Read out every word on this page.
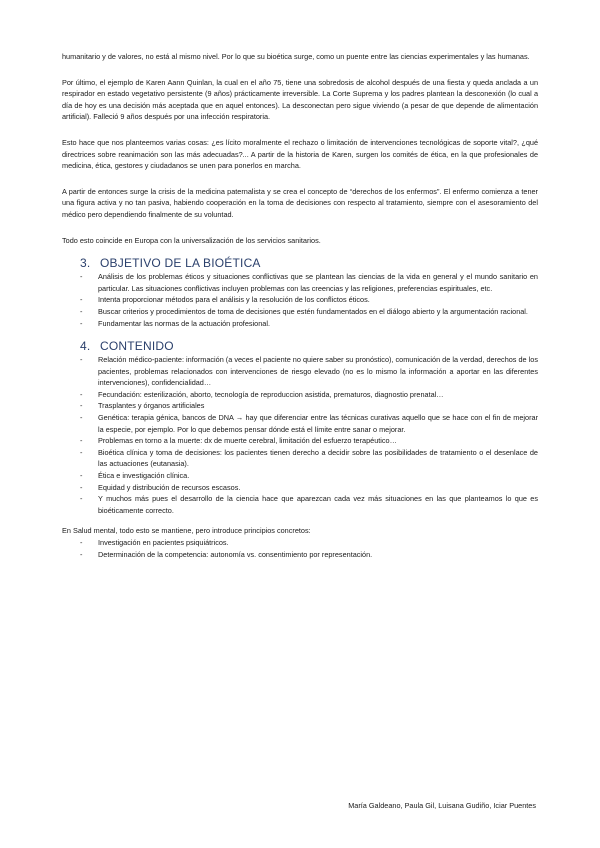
humanitario y de valores, no está al mismo nivel. Por lo que su bioética surge, como un puente entre las ciencias experimentales y las humanas.

Por último, el ejemplo de Karen Aann Quinlan, la cual en el año 75, tiene una sobredosis de alcohol después de una fiesta y queda anclada a un respirador en estado vegetativo persistente (9 años) prácticamente irreversible. La Corte Suprema y los padres plantean la desconexión (lo cual a día de hoy es una decisión más aceptada que en aquel entonces). La desconectan pero sigue viviendo (a pesar de que depende de alimentación artificial). Falleció 9 años después por una infección respiratoria.

Esto hace que nos planteemos varias cosas: ¿es lícito moralmente el rechazo o limitación de intervenciones tecnológicas de soporte vital?, ¿qué directrices sobre reanimación son las más adecuadas?... A partir de la historia de Karen, surgen los comités de ética, en la que profesionales de medicina, ética, gestores y ciudadanos se unen para ponerlos en marcha.

A partir de entonces surge la crisis de la medicina paternalista y se crea el concepto de “derechos de los enfermos”. El enfermo comienza a tener una figura activa y no tan pasiva, habiendo cooperación en la toma de decisiones con respecto al tratamiento, siempre con el asesoramiento del médico pero dependiendo finalmente de su voluntad.

Todo esto coincide en Europa con la universalización de los servicios sanitarios.

3. OBJETIVO DE LA BIOÉTICA
- Análisis de los problemas éticos y situaciones conflictivas que se plantean las ciencias de la vida en general y el mundo sanitario en particular. Las situaciones conflictivas incluyen problemas con las creencias y las religiones, preferencias espirituales, etc.
- Intenta proporcionar métodos para el análisis y la resolución de los conflictos éticos.
- Buscar criterios y procedimientos de toma de decisiones que estén fundamentados en el diálogo abierto y la argumentación racional.
- Fundamentar las normas de la actuación profesional.
4. CONTENIDO
- Relación médico-paciente: información (a veces el paciente no quiere saber su pronóstico), comunicación de la verdad, derechos de los pacientes, problemas relacionados con intervenciones de riesgo elevado (no es lo mismo la información a aportar en las diferentes intervenciones), confidencialidad…
- Fecundación: esterilización, aborto, tecnología de reproduccion asistida, prematuros, diagnostio prenatal…
- Trasplantes y órganos artificiales
- Genética: terapia génica, bancos de DNA → hay que diferenciar entre las técnicas curativas aquello que se hace con el fin de mejorar la especie, por ejemplo. Por lo que debemos pensar dónde está el límite entre sanar o mejorar.
- Problemas en torno a la muerte: dx de muerte cerebral, limitación del esfuerzo terapéutico…
- Bioética clínica y toma de decisiones: los pacientes tienen derecho a decidir sobre las posibilidades de tratamiento o el desenlace de las actuaciones (eutanasia).
- Ética e investigación clínica.
- Equidad y distribución de recursos escasos.
- Y muchos más pues el desarrollo de la ciencia hace que aparezcan cada vez más situaciones en las que planteamos lo que es bioéticamente correcto.

En Salud mental, todo esto se mantiene, pero introduce principios concretos:

- Investigación en pacientes psiquiátricos.
- Determinación de la competencia: autonomía vs. consentimiento por representación.
María Galdeano, Paula Gil, Luisana Gudiño, Iciar Puentes
